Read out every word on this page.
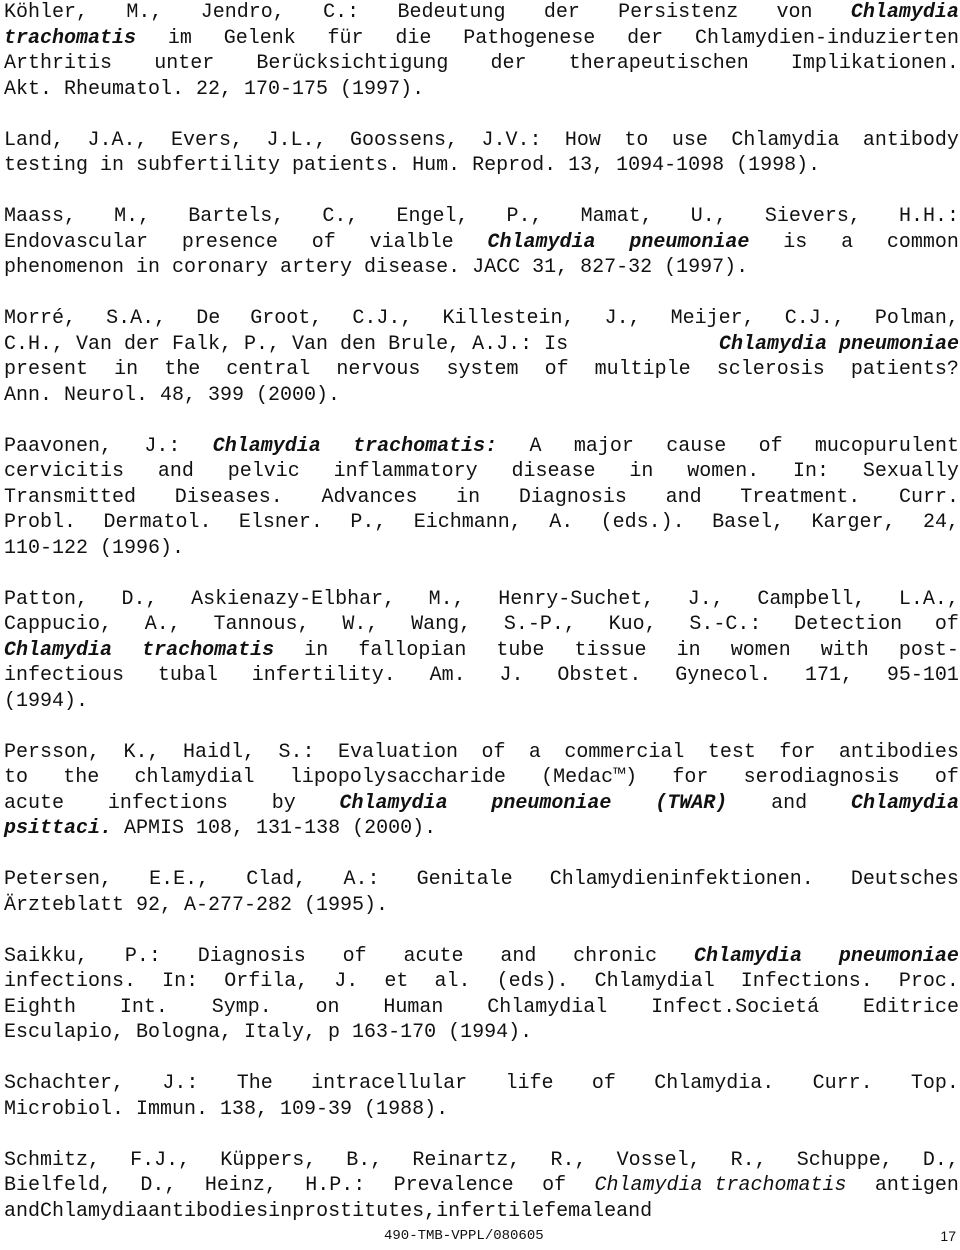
Köhler, M., Jendro, C.: Bedeutung der Persistenz von Chlamydia
trachomatis im Gelenk für die Pathogenese der Chlamydien-induzierten
Arthritis unter Berücksichtigung der therapeutischen Implikationen.
Akt. Rheumatol. 22, 170-175 (1997).
Land, J.A., Evers, J.L., Goossens, J.V.: How to use Chlamydia antibody
testing in subfertility patients. Hum. Reprod. 13, 1094-1098 (1998).
Maass, M., Bartels, C., Engel, P., Mamat, U., Sievers, H.H.:
Endovascular presence of vialble Chlamydia pneumoniae is a common
phenomenon in coronary artery disease. JACC 31, 827-32 (1997).
Morré, S.A., De Groot, C.J., Killestein, J., Meijer, C.J., Polman,
C.H., Van der Falk, P., Van den Brule, A.J.: Is	Chlamydia pneumoniae
present in the central nervous system of multiple sclerosis patients?
Ann. Neurol. 48, 399 (2000).
Paavonen, J.: Chlamydia trachomatis: A major cause of mucopurulent
cervicitis and pelvic inflammatory disease in women. In: Sexually
Transmitted Diseases. Advances in Diagnosis and Treatment. Curr.
Probl. Dermatol. Elsner. P., Eichmann, A. (eds.). Basel, Karger, 24,
110-122 (1996).
Patton, D., Askienazy-Elbhar, M., Henry-Suchet, J., Campbell, L.A.,
Cappucio, A., Tannous, W., Wang, S.-P., Kuo, S.-C.: Detection of
Chlamydia trachomatis in fallopian tube tissue in women with post-
infectious tubal infertility. Am. J. Obstet. Gynecol. 171, 95-101
(1994).
Persson, K., Haidl, S.: Evaluation of a commercial test for antibodies
to the chlamydial lipopolysaccharide (Medac™) for serodiagnosis of
acute infections by Chlamydia pneumoniae (TWAR) and Chlamydia
psittaci. APMIS 108, 131-138 (2000).
Petersen, E.E., Clad, A.: Genitale Chlamydieninfektionen. Deutsches
Ärzteblatt 92, A-277-282 (1995).
Saikku, P.: Diagnosis of acute and chronic Chlamydia pneumoniae
infections. In: Orfila, J. et al. (eds). Chlamydial Infections. Proc.
Eighth Int. Symp. on Human Chlamydial Infect.Societá Editrice
Esculapio, Bologna, Italy, p 163-170 (1994).
Schachter, J.: The intracellular life of Chlamydia. Curr. Top.
Microbiol. Immun. 138, 109-39 (1988).
Schmitz, F.J., Küppers, B., Reinartz, R., Vossel, R., Schuppe, D.,
Bielfeld, D., Heinz, H.P.: Prevalence of Chlamydia trachomatis antigen
and Chlamydia antibodies in prostitutes, infertile female and
490-TMB-VPPL/080605	17
